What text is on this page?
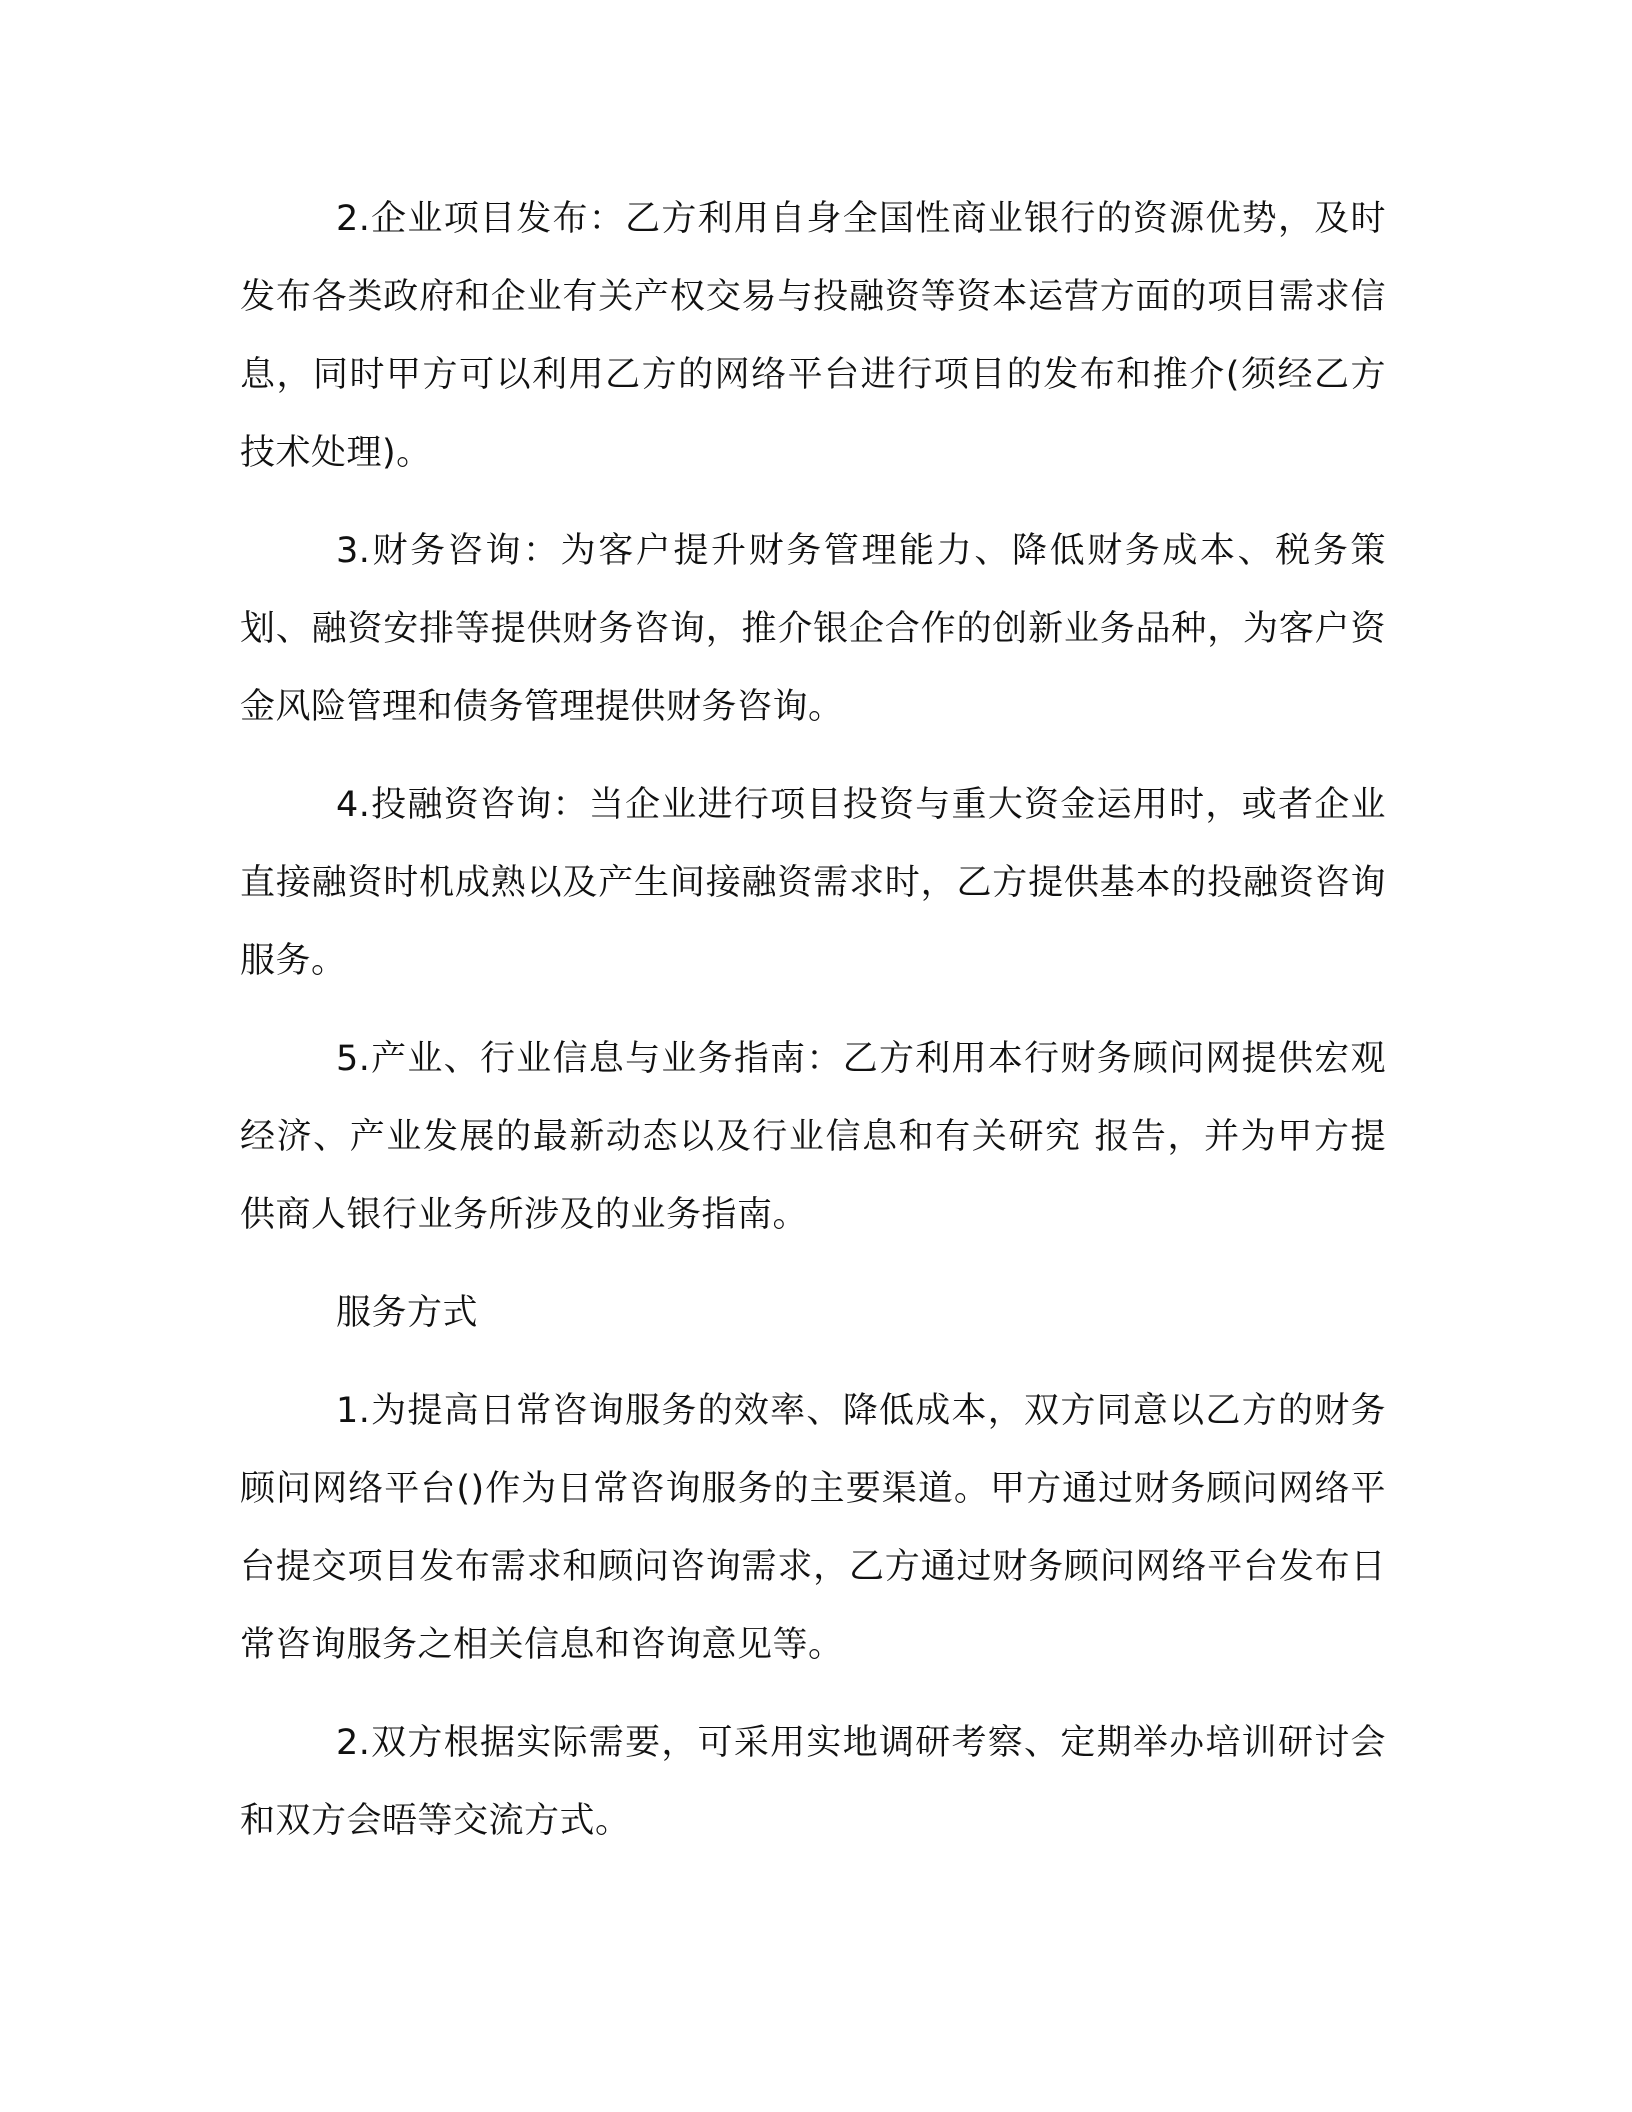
2.企业项目发布：乙方利用自身全国性商业银行的资源优势，及时发布各类政府和企业有关产权交易与投融资等资本运营方面的项目需求信息，同时甲方可以利用乙方的网络平台进行项目的发布和推介(须经乙方技术处理)。

3.财务咨询：为客户提升财务管理能力、降低财务成本、税务策划、融资安排等提供财务咨询，推介银企合作的创新业务品种，为客户资金风险管理和债务管理提供财务咨询。

4.投融资咨询：当企业进行项目投资与重大资金运用时，或者企业直接融资时机成熟以及产生间接融资需求时，乙方提供基本的投融资咨询服务。

5.产业、行业信息与业务指南：乙方利用本行财务顾问网提供宏观经济、产业发展的最新动态以及行业信息和有关研究 报告，并为甲方提供商人银行业务所涉及的业务指南。

服务方式

1.为提高日常咨询服务的效率、降低成本，双方同意以乙方的财务顾问网络平台()作为日常咨询服务的主要渠道。甲方通过财务顾问网络平台提交项目发布需求和顾问咨询需求，乙方通过财务顾问网络平台发布日常咨询服务之相关信息和咨询意见等。

2.双方根据实际需要，可采用实地调研考察、定期举办培训研讨会和双方会晤等交流方式。
